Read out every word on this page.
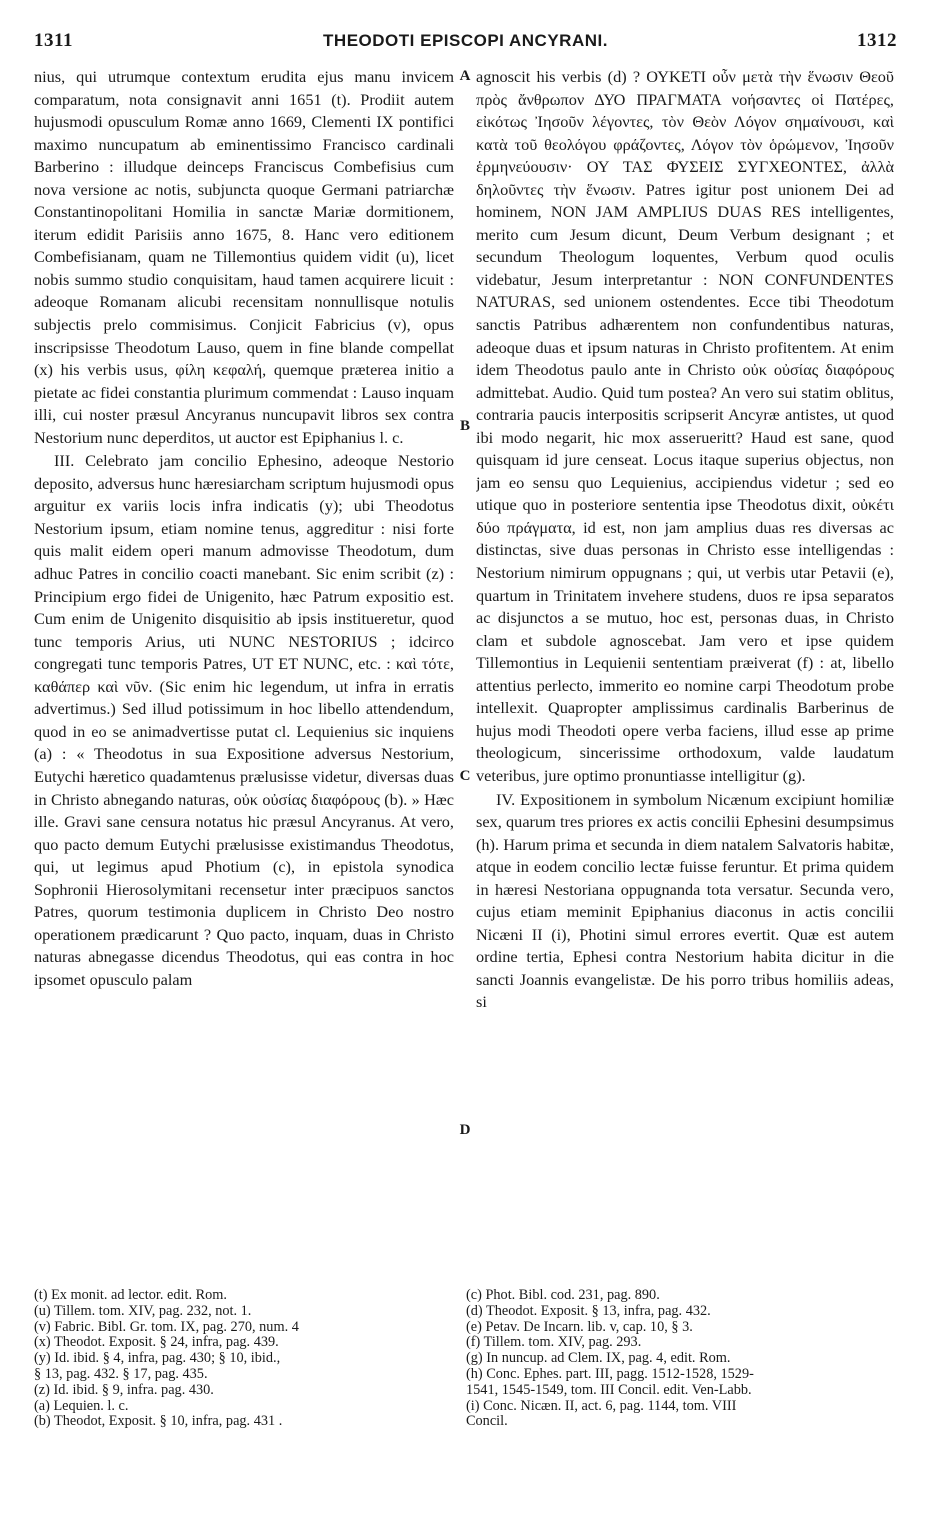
1311	THEODOTI EPISCOPI ANCYRANI.	1312

nius, qui utrumque contextum erudita ejus manu invicem comparatum, nota consignavit anni 1651 (t). Prodiit autem hujusmodi opusculum Romæ anno 1669, Clementi IX pontifici maximo nuncupatum ab eminentissimo Francisco cardinali Barberino : illudque deinceps Franciscus Combefisius cum nova versione ac notis, subjuncta quoque Germani patriarchæ Constantinopolitani Homilia in sanctæ Mariæ dormitionem, iterum edidit Parisiis anno 1675, 8. Hanc vero editionem Combefisianam, quam ne Tillemontius quidem vidit (u), licet nobis summo studio conquisitam, haud tamen acquirere licuit : adeoque Romanam alicubi recensitam nonnullisque notulis subjectis prelo commisimus. Conjicit Fabricius (v), opus inscripsisse Theodotum Lauso, quem in fine blande compellat (x) his verbis usus, φίλη κεφαλή, quemque præterea initio a pietate ac fidei constantia plurimum commendat : Lauso inquam illi, cui noster præsul Ancyranus nuncupavit libros sex contra Nestorium nunc deperditos, ut auctor est Epiphanius l. c.

III. Celebrato jam concilio Ephesino, adeoque Nestorio deposito, adversus hunc hæresiarcham scriptum hujusmodi opus arguitur ex variis locis infra indicatis (y); ubi Theodotus Nestorium ipsum, etiam nomine tenus, aggreditur : nisi forte quis malit eidem operi manum admovisse Theodotum, dum adhuc Patres in concilio coacti manebant. Sic enim scribit (z) : Principium ergo fidei de Unigenito, hæc Patrum expositio est. Cum enim de Unigenito disquisitio ab ipsis institueretur, quod tunc temporis Arius, uti NUNC NESTORIUS ; idcirco congregati tunc temporis Patres, UT ET NUNC, etc. : καὶ τότε, καθάπερ καὶ νῦν. (Sic enim hic legendum, ut infra in erratis advertimus.) Sed illud potissimum in hoc libello attendendum, quod in eo se animadvertisse putat cl. Lequienius sic inquiens (a) : « Theodotus in sua Expositione adversus Nestorium, Eutychi hæretico quadamtenus prælusisse videtur, diversas duas in Christo abnegando naturas, οὐκ οὐσίας διαφόρους (b). » Hæc ille. Gravi sane censura notatus hic præsul Ancyranus. At vero, quo pacto demum Eutychi prælusisse existimandus Theodotus, qui, ut legimus apud Photium (c), in epistola synodica Sophronii Hierosolymitani recensetur inter præcipuos sanctos Patres, quorum testimonia duplicem in Christo Deo nostro operationem prædicarunt ? Quo pacto, inquam, duas in Christo naturas abnegasse dicendus Theodotus, qui eas contra in hoc ipsomet opusculo palam

A
B
C
D

agnoscit his verbis (d) ? ΟΥΚΕΤΙ οὖν μετὰ τὴν ἕνωσιν Θεοῦ πρὸς ἄνθρωπον ΔΥΟ ΠΡΑΓΜΑΤΑ νοήσαντες οἱ Πατέρες, εἰκότως Ἰησοῦν λέγοντες, τὸν Θεὸν Λόγον σημαίνουσι, καὶ κατὰ τοῦ θεολόγου φράζοντες, Λόγον τὸν ὁρώμενον, Ἰησοῦν ἑρμηνεύουσιν· ΟΥ ΤΑΣ ΦΥΣΕΙΣ ΣΥΓΧΕΟΝΤΕΣ, ἀλλὰ δηλοῦντες τὴν ἕνωσιν. Patres igitur post unionem Dei ad hominem, NON JAM AMPLIUS DUAS RES intelligentes, merito cum Jesum dicunt, Deum Verbum designant ; et secundum Theologum loquentes, Verbum quod oculis videbatur, Jesum interpretantur : NON CONFUNDENTES NATURAS, sed unionem ostendentes. Ecce tibi Theodotum sanctis Patribus adhærentem non confundentibus naturas, adeoque duas et ipsum naturas in Christo profitentem. At enim idem Theodotus paulo ante in Christo οὐκ οὐσίας διαφόρους admittebat. Audio. Quid tum postea? An vero sui statim oblitus, contraria paucis interpositis scripserit Ancyræ antistes, ut quod ibi modo negarit, hic mox asserueritt? Haud est sane, quod quisquam id jure censeat. Locus itaque superius objectus, non jam eo sensu quo Lequienius, accipiendus videtur ; sed eo utique quo in posteriore sententia ipse Theodotus dixit, οὐκέτι δύο πράγματα, id est, non jam amplius duas res diversas ac distinctas, sive duas personas in Christo esse intelligendas : Nestorium nimirum oppugnans ; qui, ut verbis utar Petavii (e), quartum in Trinitatem invehere studens, duos re ipsa separatos ac disjunctos a se mutuo, hoc est, personas duas, in Christo clam et subdole agnoscebat. Jam vero et ipse quidem Tillemontius in Lequienii sententiam præiverat (f) : at, libello attentius perlecto, immerito eo nomine carpi Theodotum probe intellexit. Quapropter amplissimus cardinalis Barberinus de hujus modi Theodoti opere verba faciens, illud esse ap prime theologicum, sincerissime orthodoxum, valde laudatum veteribus, jure optimo pronuntiasse intelligitur (g).

IV. Expositionem in symbolum Nicænum excipiunt homiliæ sex, quarum tres priores ex actis concilii Ephesini desumpsimus (h). Harum prima et secunda in diem natalem Salvatoris habitæ, atque in eodem concilio lectæ fuisse feruntur. Et prima quidem in hæresi Nestoriana oppugnanda tota versatur. Secunda vero, cujus etiam meminit Epiphanius diaconus in actis concilii Nicæni II (i), Photini simul errores evertit. Quæ est autem ordine tertia, Ephesi contra Nestorium habita dicitur in die sancti Joannis evangelistæ. De his porro tribus homiliis adeas, si

(t) Ex monit. ad lector. edit. Rom.
(u) Tillem. tom. XIV, pag. 232, not. 1.
(v) Fabric. Bibl. Gr. tom. IX, pag. 270, num. 4
(x) Theodot. Exposit. § 24, infra, pag. 439.
(y) Id. ibid. § 4, infra, pag. 430; § 10, ibid.,
§ 13, pag. 432. § 17, pag. 435.
(z) Id. ibid. § 9, infra. pag. 430.
(a) Lequien. l. c.
(b) Theodot, Exposit. § 10, infra, pag. 431 .
(c) Phot. Bibl. cod. 231, pag. 890.
(d) Theodot. Exposit. § 13, infra, pag. 432.
(e) Petav. De Incarn. lib. v, cap. 10, § 3.
(f) Tillem. tom. XIV, pag. 293.
(g) In nuncup. ad Clem. IX, pag. 4, edit. Rom.
(h) Conc. Ephes. part. III, pagg. 1512-1528, 1529-
1541, 1545-1549, tom. III Concil. edit. Ven-Labb.
(i) Conc. Nicæn. II, act. 6, pag. 1144, tom. VIII
Concil.
